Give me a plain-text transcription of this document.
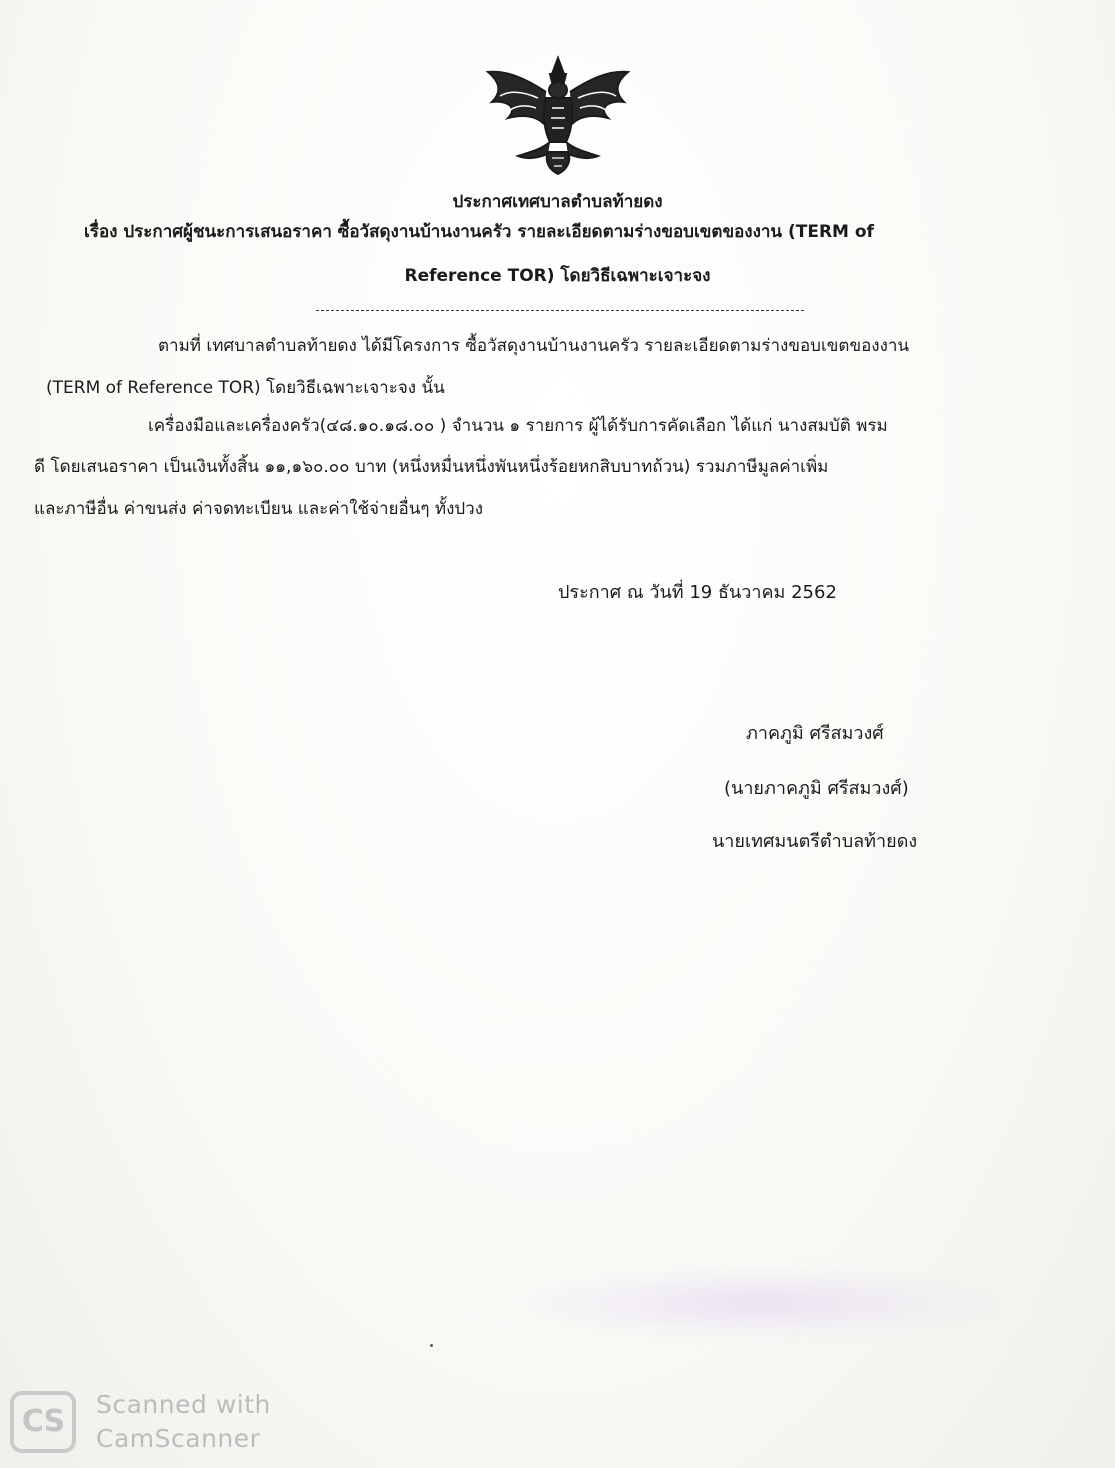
ประกาศเทศบาลตำบลท้ายดง
เรื่อง ประกาศผู้ชนะการเสนอราคา ซื้อวัสดุงานบ้านงานครัว รายละเอียดตามร่างขอบเขตของงาน (TERM of
Reference TOR) โดยวิธีเฉพาะเจาะจง
ตามที่ เทศบาลตำบลท้ายดง ได้มีโครงการ ซื้อวัสดุงานบ้านงานครัว รายละเอียดตามร่างขอบเขตของงาน
(TERM of Reference TOR) โดยวิธีเฉพาะเจาะจง นั้น
เครื่องมือและเครื่องครัว(๔๘.๑๐.๑๘.๐๐ ) จำนวน ๑ รายการ ผู้ได้รับการคัดเลือก ได้แก่ นางสมบัติ พรม
ดี โดยเสนอราคา เป็นเงินทั้งสิ้น ๑๑,๑๖๐.๐๐ บาท (หนึ่งหมื่นหนึ่งพันหนึ่งร้อยหกสิบบาทถ้วน) รวมภาษีมูลค่าเพิ่ม
และภาษีอื่น ค่าขนส่ง ค่าจดทะเบียน และค่าใช้จ่ายอื่นๆ ทั้งปวง
ประกาศ ณ วันที่ 19 ธันวาคม 2562
ภาคภูมิ ศรีสมวงศ์
(นายภาคภูมิ ศรีสมวงศ์)
นายเทศมนตรีตำบลท้ายดง
CS	Scanned with
CamScanner
